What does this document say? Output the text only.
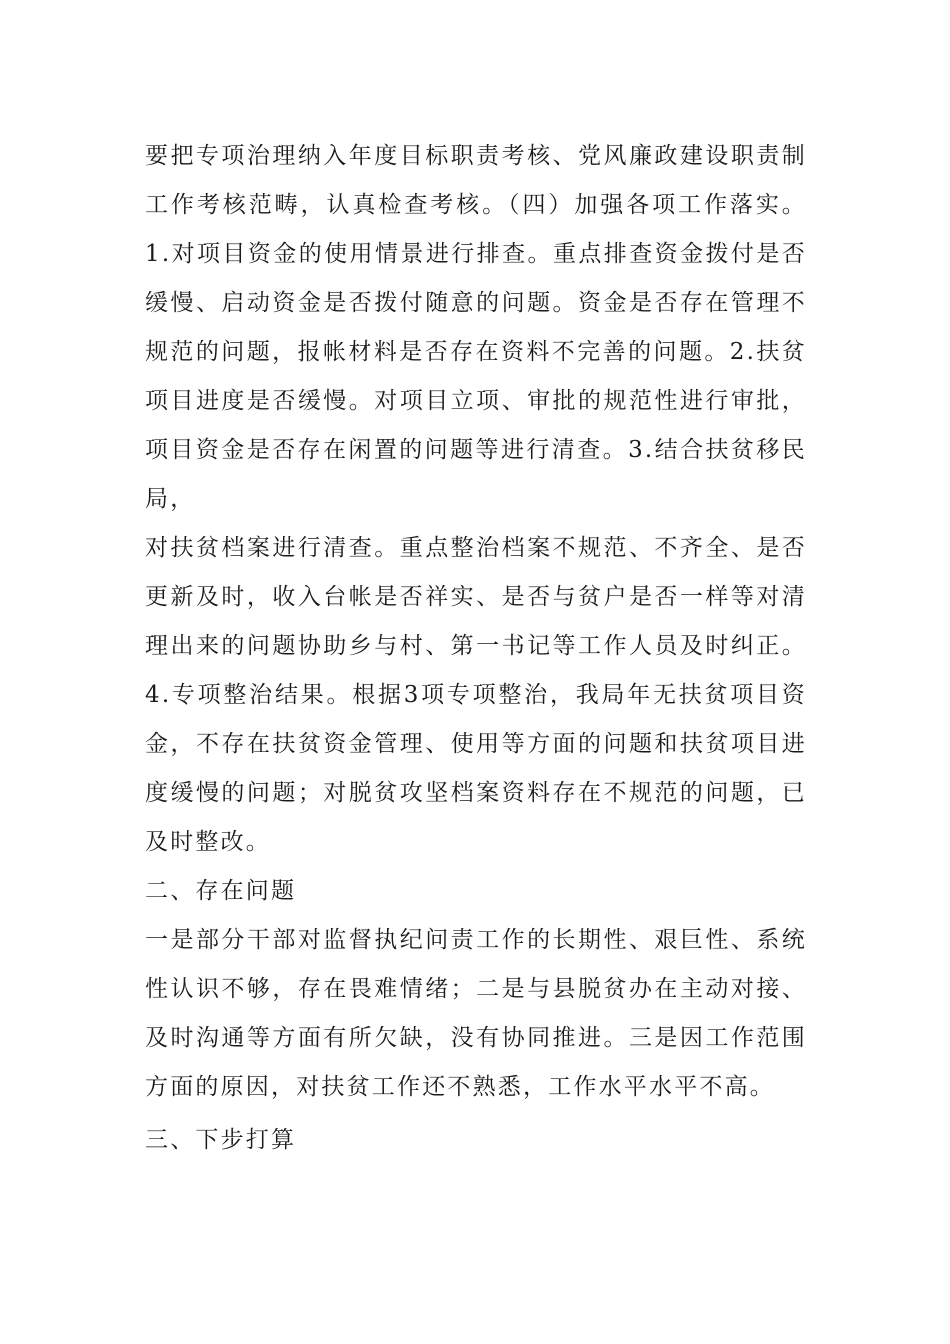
要把专项治理纳入年度目标职责考核、党风廉政建设职责制工作考核范畴，认真检查考核。（四）加强各项工作落实。1.对项目资金的使用情景进行排查。重点排查资金拨付是否缓慢、启动资金是否拨付随意的问题。资金是否存在管理不规范的问题，报帐材料是否存在资料不完善的问题。2.扶贫项目进度是否缓慢。对项目立项、审批的规范性进行审批，项目资金是否存在闲置的问题等进行清查。3.结合扶贫移民局，

对扶贫档案进行清查。重点整治档案不规范、不齐全、是否更新及时，收入台帐是否祥实、是否与贫户是否一样等对清理出来的问题协助乡与村、第一书记等工作人员及时纠正。4.专项整治结果。根据3项专项整治，我局年无扶贫项目资金，不存在扶贫资金管理、使用等方面的问题和扶贫项目进度缓慢的问题；对脱贫攻坚档案资料存在不规范的问题，已及时整改。

二、存在问题

一是部分干部对监督执纪问责工作的长期性、艰巨性、系统性认识不够，存在畏难情绪；二是与县脱贫办在主动对接、及时沟通等方面有所欠缺，没有协同推进。三是因工作范围方面的原因，对扶贫工作还不熟悉，工作水平水平不高。

三、下步打算
